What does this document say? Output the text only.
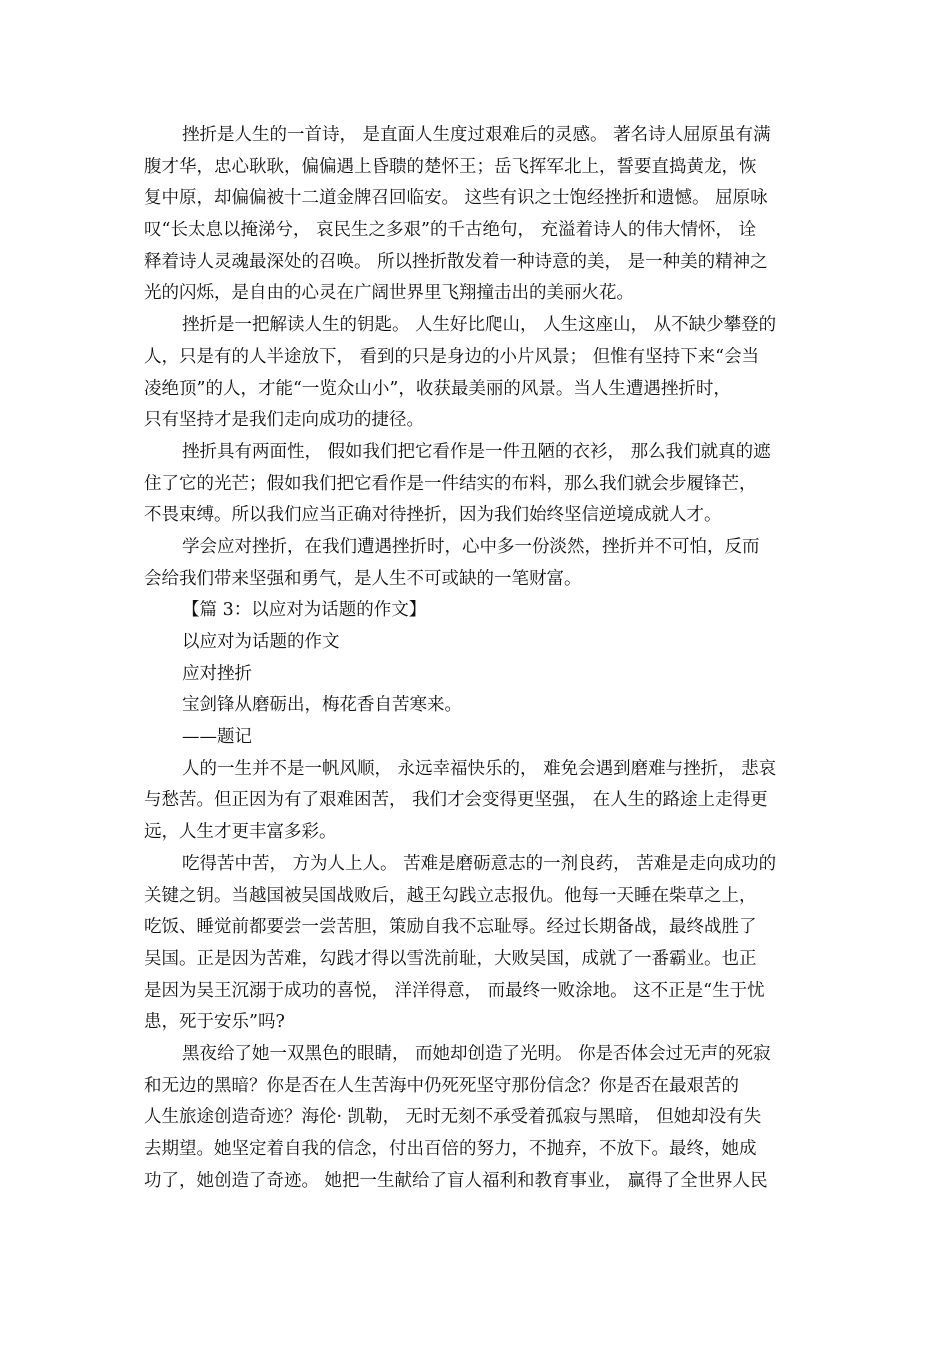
挫折是人生的一首诗， 是直面人生度过艰难后的灵感。 著名诗人屈原虽有满
腹才华，忠心耿耿，偏偏遇上昏聩的楚怀王；岳飞挥军北上，誓要直捣黄龙，恢
复中原，却偏偏被十二道金牌召回临安。 这些有识之士饱经挫折和遗憾。 屈原咏
叹“长太息以掩涕兮， 哀民生之多艰”的千古绝句， 充溢着诗人的伟大情怀， 诠
释着诗人灵魂最深处的召唤。 所以挫折散发着一种诗意的美， 是一种美的精神之
光的闪烁，是自由的心灵在广阔世界里飞翔撞击出的美丽火花。
挫折是一把解读人生的钥匙。 人生好比爬山， 人生这座山， 从不缺少攀登的
人，只是有的人半途放下， 看到的只是身边的小片风景； 但惟有坚持下来“会当
凌绝顶”的人，才能“一览众山小”，收获最美丽的风景。当人生遭遇挫折时，
只有坚持才是我们走向成功的捷径。
挫折具有两面性， 假如我们把它看作是一件丑陋的衣衫， 那么我们就真的遮
住了它的光芒；假如我们把它看作是一件结实的布料，那么我们就会步履锋芒，
不畏束缚。所以我们应当正确对待挫折，因为我们始终坚信逆境成就人才。
学会应对挫折，在我们遭遇挫折时，心中多一份淡然，挫折并不可怕，反而
会给我们带来坚强和勇气，是人生不可或缺的一笔财富。
【篇 3：以应对为话题的作文】
以应对为话题的作文
应对挫折
宝剑锋从磨砺出，梅花香自苦寒来。
——题记
人的一生并不是一帆风顺， 永远幸福快乐的， 难免会遇到磨难与挫折， 悲哀
与愁苦。但正因为有了艰难困苦， 我们才会变得更坚强， 在人生的路途上走得更
远，人生才更丰富多彩。
吃得苦中苦， 方为人上人。 苦难是磨砺意志的一剂良药， 苦难是走向成功的
关键之钥。当越国被吴国战败后，越王勾践立志报仇。他每一天睡在柴草之上，
吃饭、睡觉前都要尝一尝苦胆，策励自我不忘耻辱。经过长期备战，最终战胜了
吴国。正是因为苦难，勾践才得以雪洗前耻，大败吴国，成就了一番霸业。也正
是因为吴王沉溺于成功的喜悦， 洋洋得意， 而最终一败涂地。 这不正是“生于忧
患，死于安乐”吗?
黑夜给了她一双黑色的眼睛， 而她却创造了光明。 你是否体会过无声的死寂
和无边的黑暗？你是否在人生苦海中仍死死坚守那份信念？你是否在最艰苦的
人生旅途创造奇迹？海伦· 凯勒， 无时无刻不承受着孤寂与黑暗， 但她却没有失
去期望。她坚定着自我的信念，付出百倍的努力，不抛弃，不放下。最终，她成
功了，她创造了奇迹。 她把一生献给了盲人福利和教育事业， 赢得了全世界人民
